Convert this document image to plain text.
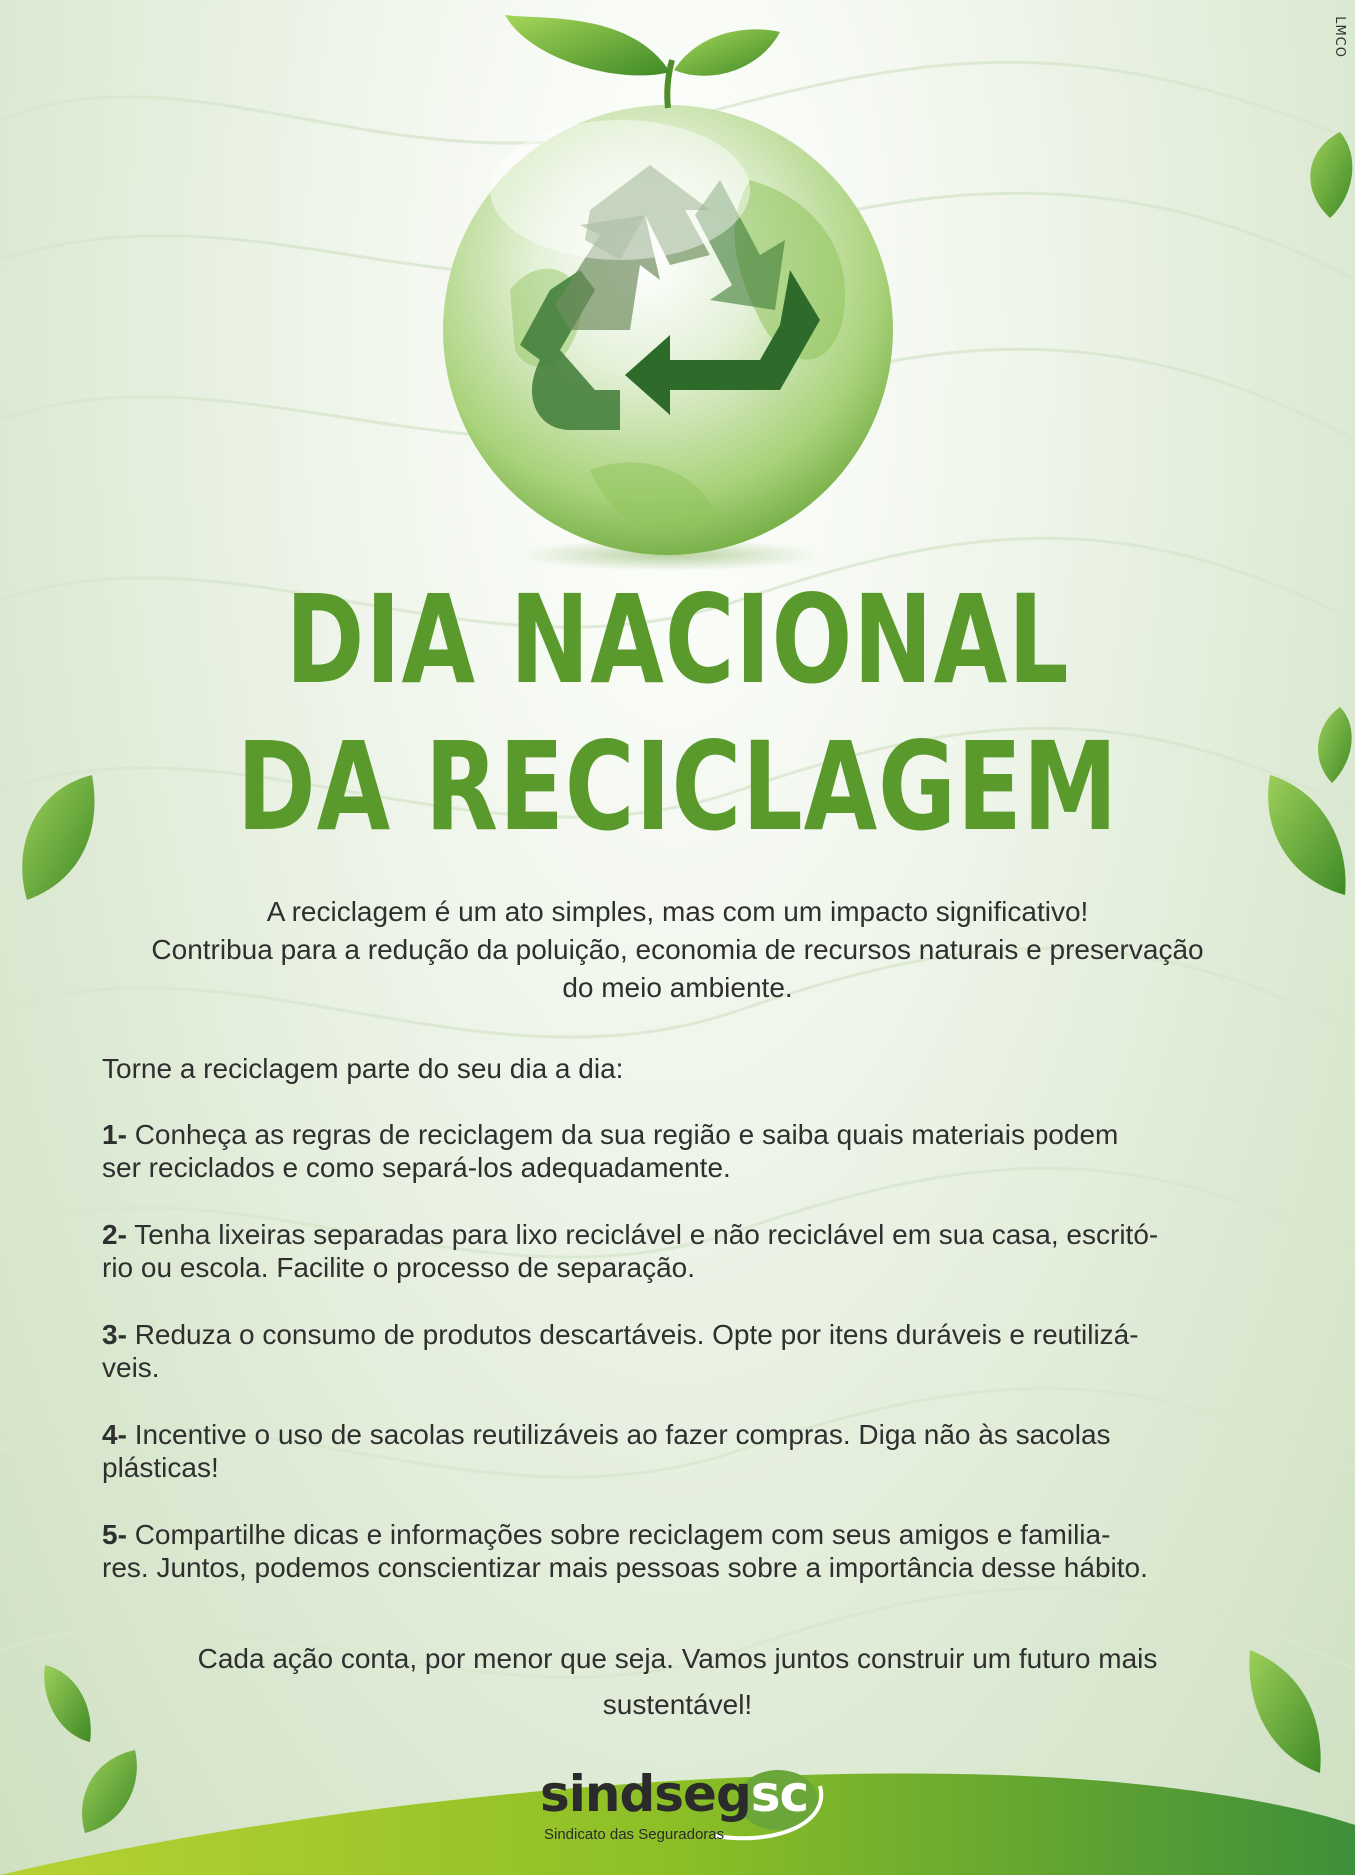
LMCO
DIA NACIONAL
DA RECICLAGEM
A reciclagem é um ato simples, mas com um impacto significativo!
Contribua para a redução da poluição, economia de recursos naturais e preservação
do meio ambiente.
Torne a reciclagem parte do seu dia a dia:
1- Conheça as regras de reciclagem da sua região e saiba quais materiais podem
ser reciclados e como separá-los adequadamente.
2- Tenha lixeiras separadas para lixo reciclável e não reciclável em sua casa, escritó-
rio ou escola. Facilite o processo de separação.
3- Reduza o consumo de produtos descartáveis. Opte por itens duráveis e reutilizá-
veis.
4- Incentive o uso de sacolas reutilizáveis ao fazer compras. Diga não às sacolas
plásticas!
5- Compartilhe dicas e informações sobre reciclagem com seus amigos e familia-
res. Juntos, podemos conscientizar mais pessoas sobre a importância desse hábito.
Cada ação conta, por menor que seja. Vamos juntos construir um futuro mais
sustentável!
sindsegsc
Sindicato das Seguradoras
